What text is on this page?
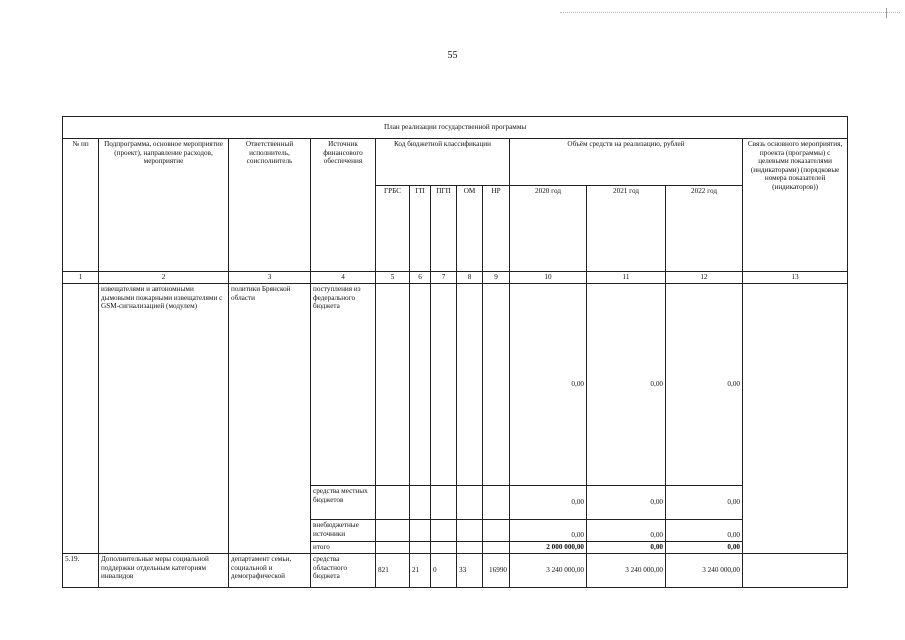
55
План реализации государственной программы												
№ пп	Подпрограмма, основное мероприятие (проект), направление расходов, мероприятие	Ответственный исполнитель, соисполнитель	Источник финансового обеспечения	Код бюджетной классификации					Объём средств на реализацию, рублей			Связь основного мероприятия, проекта (программы) с целевыми показателями (индикаторами) (порядковые номера показателей (индикаторов))
				ГРБС	ГП	ПГП	ОМ	НР	2020 год	2021 год	2022 год	
1	2	3	4	5	6	7	8	9	10	11	12	13
	извещателями и автономными дымовыми пожарными извещателями с GSM-сигнализацией (модулем)	политики Брянской области	поступления из федерального бюджета						0,00	0,00	0,00	
			средства местных бюджетов						0,00	0,00	0,00	
			внебюджетные источники						0,00	0,00	0,00	
			итого						2 000 000,00	0,00	0,00	
5.19.	Дополнительные меры социальной поддержки отдельным категориям инвалидов	департамент семьи, социальной и демографической	средства областного бюджета	821	21	0	33	16990	3 240 000,00	3 240 000,00	3 240 000,00	
